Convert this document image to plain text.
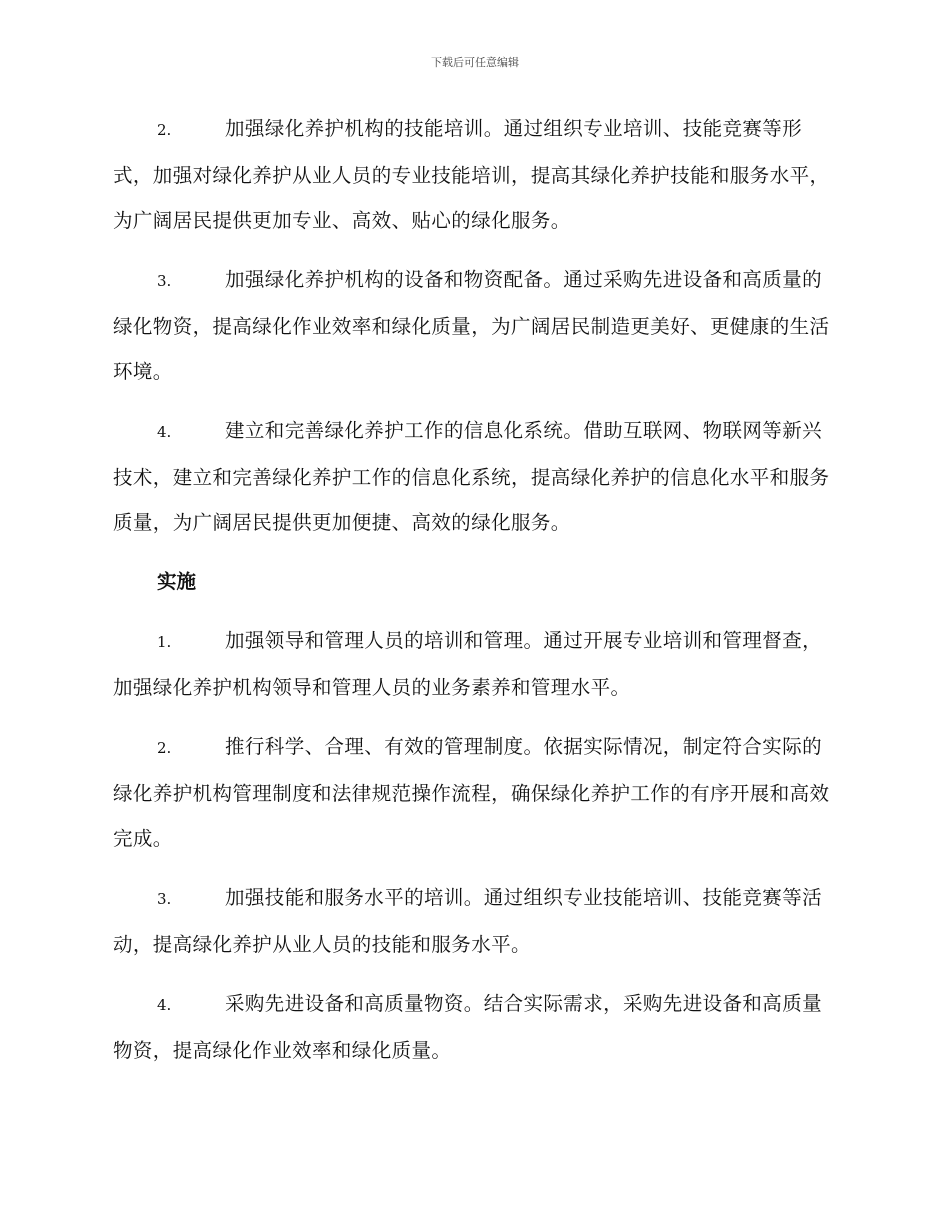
下载后可任意编辑

2.	加强绿化养护机构的技能培训。通过组织专业培训、技能竞赛等形式，加强对绿化养护从业人员的专业技能培训，提高其绿化养护技能和服务水平，为广阔居民提供更加专业、高效、贴心的绿化服务。

3.	加强绿化养护机构的设备和物资配备。通过采购先进设备和高质量的绿化物资，提高绿化作业效率和绿化质量，为广阔居民制造更美好、更健康的生活环境。

4.	建立和完善绿化养护工作的信息化系统。借助互联网、物联网等新兴技术，建立和完善绿化养护工作的信息化系统，提高绿化养护的信息化水平和服务质量，为广阔居民提供更加便捷、高效的绿化服务。

实施

1.	加强领导和管理人员的培训和管理。通过开展专业培训和管理督查，加强绿化养护机构领导和管理人员的业务素养和管理水平。

2.	推行科学、合理、有效的管理制度。依据实际情况，制定符合实际的绿化养护机构管理制度和法律规范操作流程，确保绿化养护工作的有序开展和高效完成。

3.	加强技能和服务水平的培训。通过组织专业技能培训、技能竞赛等活动，提高绿化养护从业人员的技能和服务水平。

4.	采购先进设备和高质量物资。结合实际需求，采购先进设备和高质量物资，提高绿化作业效率和绿化质量。
